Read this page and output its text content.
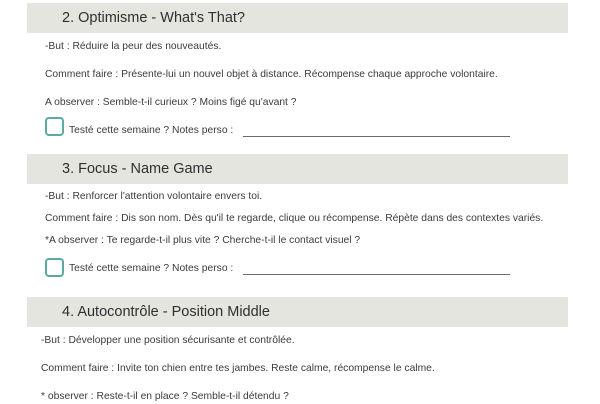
2. Optimisme - What's That?
-But : Réduire la peur des nouveautés.
Comment faire : Présente-lui un nouvel objet à distance. Récompense chaque approche volontaire.
A observer : Semble-t-il curieux ? Moins figé qu'avant ?
Testé cette semaine ? Notes perso :
3. Focus - Name Game
-But : Renforcer l'attention volontaire envers toi.
Comment faire : Dis son nom. Dès qu'il te regarde, clique ou récompense. Répète dans des contextes variés.
*A observer : Te regarde-t-il plus vite ? Cherche-t-il le contact visuel ?
Testé cette semaine ? Notes perso :
4. Autocontrôle - Position Middle
-But : Développer une position sécurisante et contrôlée.
Comment faire : Invite ton chien entre tes jambes. Reste calme, récompense le calme.
* observer : Reste-t-il en place ? Semble-t-il détendu ?
